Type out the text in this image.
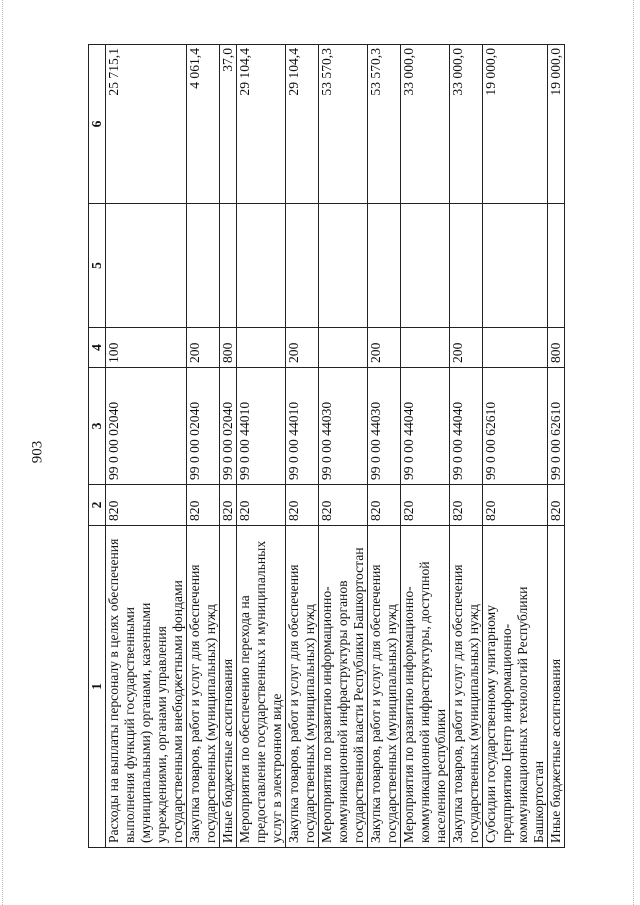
903
1	2	3	4	5	6
Расходы на выплаты персоналу в целях обеспечения выполнения функций государственными (муниципальными) органами, казенными учреждениями, органами управления государственными внебюджетными фондами	820	99 0 00 02040	100		25 715,1
Закупка товаров, работ и услуг для обеспечения государственных (муниципальных) нужд	820	99 0 00 02040	200		4 061,4
Иные бюджетные ассигнования	820	99 0 00 02040	800		37,0
Мероприятия по обеспечению перехода на предоставление государственных и муниципальных услуг в электронном виде	820	99 0 00 44010			29 104,4
Закупка товаров, работ и услуг для обеспечения государственных (муниципальных) нужд	820	99 0 00 44010	200		29 104,4
Мероприятия по развитию информационно-коммуникационной инфраструктуры органов государственной власти Республики Башкортостан	820	99 0 00 44030			53 570,3
Закупка товаров, работ и услуг для обеспечения государственных (муниципальных) нужд	820	99 0 00 44030	200		53 570,3
Мероприятия по развитию информационно-коммуникационной инфраструктуры, доступной населению республики	820	99 0 00 44040			33 000,0
Закупка товаров, работ и услуг для обеспечения государственных (муниципальных) нужд	820	99 0 00 44040	200		33 000,0
Субсидии государственному унитарному предприятию Центр информационно-коммуникационных технологий Республики Башкортостан	820	99 0 00 62610			19 000,0
Иные бюджетные ассигнования	820	99 0 00 62610	800		19 000,0
